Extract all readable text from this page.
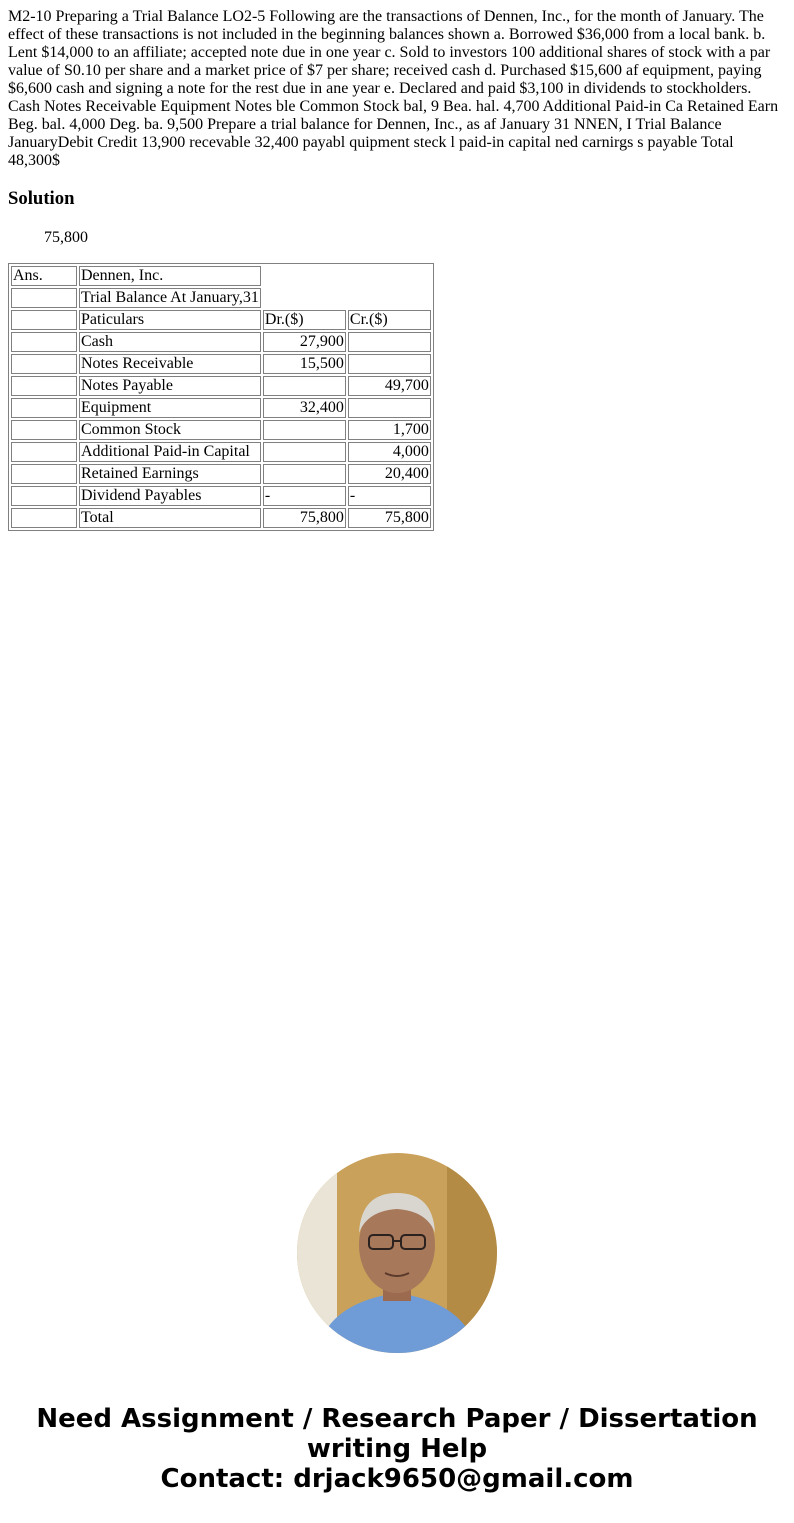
M2-10 Preparing a Trial Balance LO2-5 Following are the transactions of Dennen, Inc., for the month of January. The effect of these transactions is not included in the beginning balances shown a. Borrowed $36,000 from a local bank. b. Lent $14,000 to an affiliate; accepted note due in one year c. Sold to investors 100 additional shares of stock with a par value of S0.10 per share and a market price of $7 per share; received cash d. Purchased $15,600 af equipment, paying $6,600 cash and signing a note for the rest due in ane year e. Declared and paid $3,100 in dividends to stockholders. Cash Notes Receivable Equipment Notes ble Common Stock bal, 9 Bea. hal. 4,700 Additional Paid-in Ca Retained Earn Beg. bal. 4,000 Deg. ba. 9,500 Prepare a trial balance for Dennen, Inc., as af January 31 NNEN, I Trial Balance JanuaryDebit Credit 13,900 recevable 32,400 payabl quipment steck l paid-in capital ned carnirgs s payable Total 48,300$

Solution
75,800
Ans.	Dennen, Inc.		
	Trial Balance At January,31		
	Paticulars	Dr.($)	Cr.($)
	Cash	27,900	
	Notes Receivable	15,500	
	Notes Payable		49,700
	Equipment	32,400	
	Common Stock		1,700
	Additional Paid-in Capital		4,000
	Retained Earnings		20,400
	Dividend Payables	-	-
	Total	75,800	75,800
Need Assignment / Research Paper / Dissertation
writing Help
Contact: drjack9650@gmail.com
